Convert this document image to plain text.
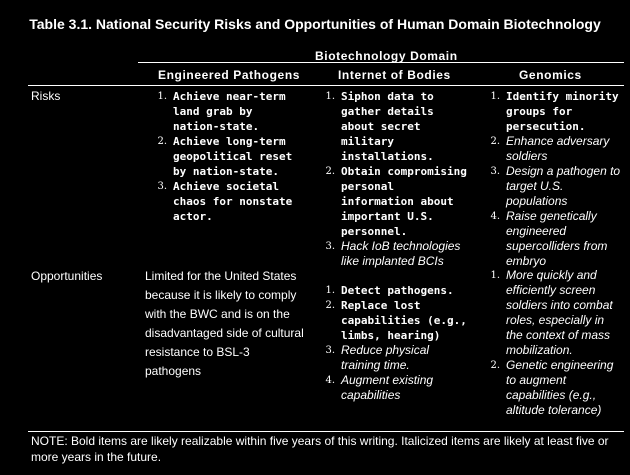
Table 3.1. National Security Risks and Opportunities of Human Domain Biotechnology
Biotechnology Domain
Engineered Pathogens	Internet of Bodies	Genomics
Risks
Opportunities
1. Achieve near-term land grab by nation-state.
2. Achieve long-term geopolitical reset by nation-state.
3. Achieve societal chaos for nonstate actor.
1. Siphon data to gather details about secret military installations.
2. Obtain compromising personal information about important U.S. personnel.
3. Hack IoB technologies like implanted BCIs
1. Identify minority groups for persecution.
2. Enhance adversary soldiers
3. Design a pathogen to target U.S. populations
4. Raise genetically engineered supercolliders from embryo
Limited for the United States because it is likely to comply with the BWC and is on the disadvantaged side of cultural resistance to BSL-3 pathogens
1. Detect pathogens.
2. Replace lost capabilities (e.g., limbs, hearing)
3. Reduce physical training time.
4. Augment existing capabilities
1. More quickly and efficiently screen soldiers into combat roles, especially in the context of mass mobilization.
2. Genetic engineering to augment capabilities (e.g., altitude tolerance)
NOTE: Bold items are likely realizable within five years of this writing. Italicized items are likely at least five or more years in the future.
